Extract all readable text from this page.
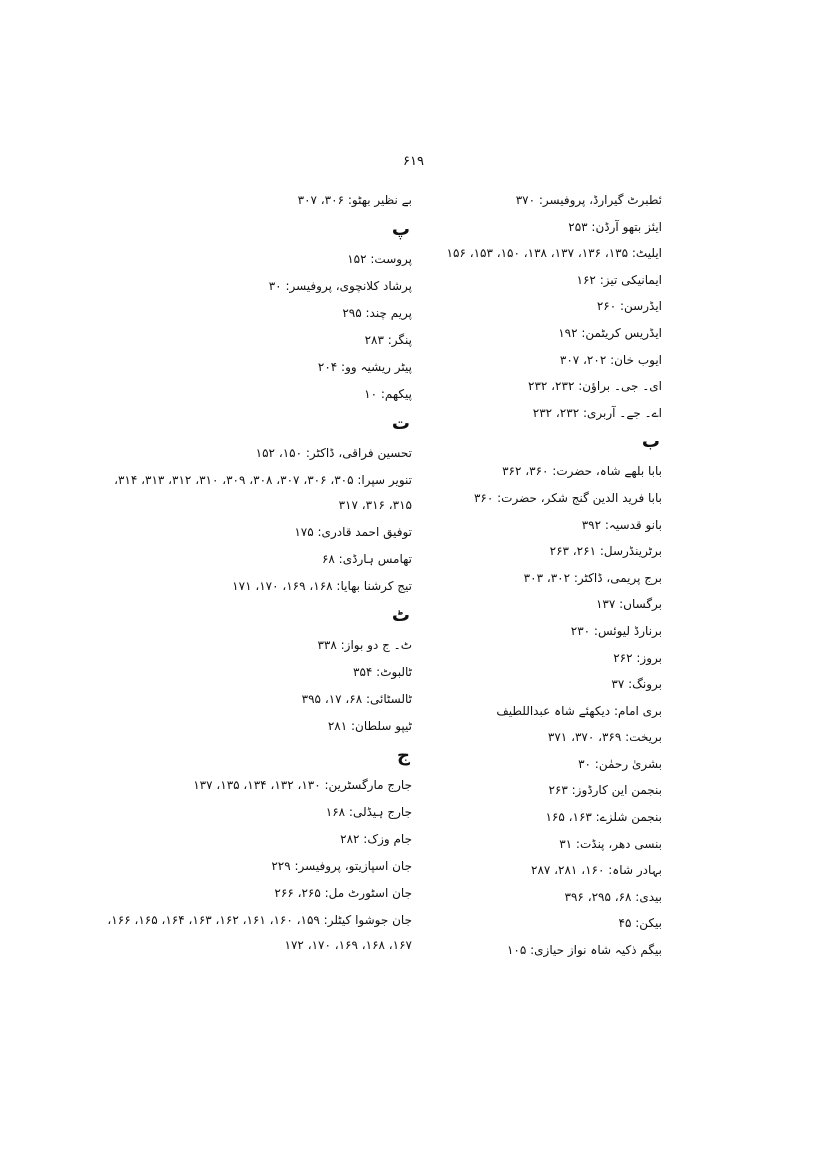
۶۱۹
ئطبرٹ گیرارڈ، پروفیسر: ۳۷۰
ایئز بتھو آرڈن: ۲۵۳
ایلیٹ: ۱۳۵، ۱۳۶، ۱۳۷، ۱۳۸، ۱۵۰، ۱۵۳، ۱۵۶
ایمانیکی تیز: ۱۶۲
ایڈرسن: ۲۶۰
ایڈریس کریٹمن: ۱۹۲
ایوب خان: ۲۰۲، ۳۰۷
ای۔ جی۔ براؤن: ۲۳۲، ۲۳۲
اے۔ جے۔ آربری: ۲۳۲، ۲۳۲
ب
بابا بلھے شاہ، حضرت: ۳۶۰، ۳۶۲
بابا فرید الدین گنج شکر، حضرت: ۳۶۰
بانو قدسیہ: ۳۹۲
برٹرینڈرسل: ۲۶۱، ۲۶۳
برج پریمی، ڈاکٹر: ۳۰۲، ۳۰۳
برگساں: ۱۳۷
برنارڈ لیوئس: ۲۳۰
بروز: ۲۶۲
برونگ: ۳۷
بری امام: دیکھئے شاہ عبداللطیف
بریخت: ۳۶۹، ۳۷۰، ۳۷۱
بشریٰ رحمٰن: ۳۰
بنجمن این کارڈوز: ۲۶۳
بنجمن شلزے: ۱۶۳، ۱۶۵
بنسی دھر، پنڈت: ۳۱
بہادر شاہ: ۱۶۰، ۲۸۱، ۲۸۷
بیدی: ۶۸، ۲۹۵، ۳۹۶
بیکن: ۴۵
بیگم ذکیہ شاہ نواز حیازی: ۱۰۵
بے نظیر بھٹو: ۳۰۶، ۳۰۷
پ
پروست: ۱۵۲
پرشاد کلانچوی، پروفیسر: ۳۰
پریم چند: ۲۹۵
پنگر: ۲۸۳
پیٹر ریشیہ وو: ۲۰۴
پیکھم: ۱۰
ت
تحسین فراقی، ڈاکٹر: ۱۵۰، ۱۵۲
تنویر سپرا: ۳۰۵، ۳۰۶، ۳۰۷، ۳۰۸، ۳۰۹، ۳۱۰، ۳۱۲، ۳۱۳، ۳۱۴،
۳۱۵، ۳۱۶، ۳۱۷
توفیق احمد قادری: ۱۷۵
تھامس ہارڈی: ۶۸
تیج کرشنا بھایا: ۱۶۸، ۱۶۹، ۱۷۰، ۱۷۱
ٹ
ٹ۔ ج دو بواز: ۳۳۸
ٹالبوٹ: ۳۵۴
ٹالسٹائی: ۶۸، ۱۷، ۳۹۵
ٹیپو سلطان: ۲۸۱
ج
جارج مارگسٹرین: ۱۳۰، ۱۳۲، ۱۳۴، ۱۳۵، ۱۳۷
جارج ہیڈلی: ۱۶۸
جام وزک: ۲۸۲
جان اسپازیتو، پروفیسر: ۲۲۹
جان اسٹورٹ مل: ۲۶۵، ۲۶۶
جان جوشوا کیٹلر: ۱۵۹، ۱۶۰، ۱۶۱، ۱۶۲، ۱۶۳، ۱۶۴، ۱۶۵، ۱۶۶،
۱۶۷، ۱۶۸، ۱۶۹، ۱۷۰، ۱۷۲
